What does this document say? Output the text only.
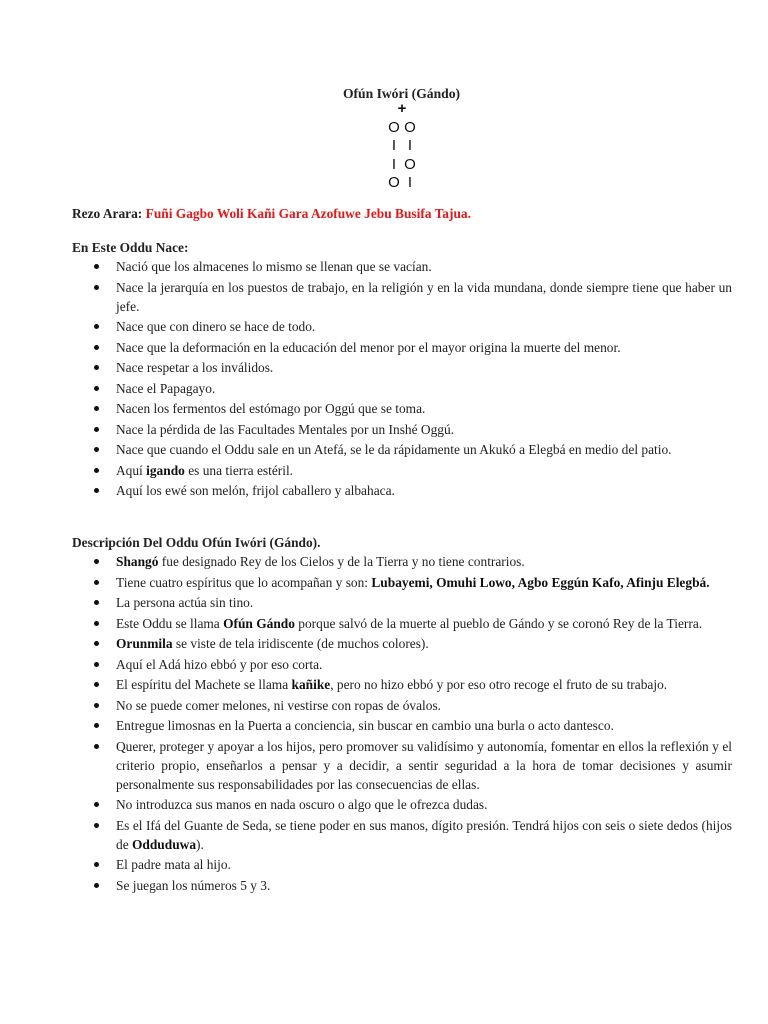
Ofún Iwóri (Gándo)
+
O O
I I
I O
O I
Rezo Arara: Fuñi Gagbo Woli Kañi Gara Azofuwe Jebu Busifa Tajua.
En Este Oddu Nace:
Nació que los almacenes lo mismo se llenan que se vacían.
Nace la jerarquía en los puestos de trabajo, en la religión y en la vida mundana, donde siempre tiene que haber un jefe.
Nace que con dinero se hace de todo.
Nace que la deformación en la educación del menor por el mayor origina la muerte del menor.
Nace respetar a los inválidos.
Nace el Papagayo.
Nacen los fermentos del estómago por Oggú que se toma.
Nace la pérdida de las Facultades Mentales por un Inshé Oggú.
Nace que cuando el Oddu sale en un Atefá, se le da rápidamente un Akukó a Elegbá en medio del patio.
Aquí igando es una tierra estéril.
Aquí los ewé son melón, frijol caballero y albahaca.
Descripción Del Oddu Ofún Iwóri (Gándo).
Shangó fue designado Rey de los Cielos y de la Tierra y no tiene contrarios.
Tiene cuatro espíritus que lo acompañan y son: Lubayemi, Omuhi Lowo, Agbo Eggún Kafo, Afinju Elegbá.
La persona actúa sin tino.
Este Oddu se llama Ofún Gándo porque salvó de la muerte al pueblo de Gándo y se coronó Rey de la Tierra.
Orunmila se viste de tela iridiscente (de muchos colores).
Aquí el Adá hizo ebbó y por eso corta.
El espíritu del Machete se llama kañike, pero no hizo ebbó y por eso otro recoge el fruto de su trabajo.
No se puede comer melones, ni vestirse con ropas de óvalos.
Entregue limosnas en la Puerta a conciencia, sin buscar en cambio una burla o acto dantesco.
Querer, proteger y apoyar a los hijos, pero promover su validísimo y autonomía, fomentar en ellos la reflexión y el criterio propio, enseñarlos a pensar y a decidir, a sentir seguridad a la hora de tomar decisiones y asumir personalmente sus responsabilidades por las consecuencias de ellas.
No introduzca sus manos en nada oscuro o algo que le ofrezca dudas.
Es el Ifá del Guante de Seda, se tiene poder en sus manos, dígito presión. Tendrá hijos con seis o siete dedos (hijos de Odduduwa).
El padre mata al hijo.
Se juegan los números 5 y 3.
